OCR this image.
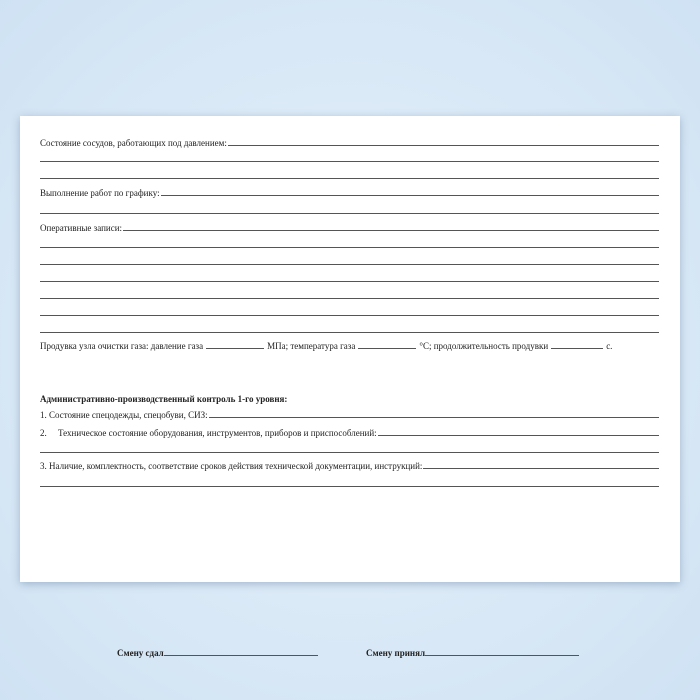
Состояние сосудов, работающих под давлением:
Выполнение работ по графику:
Оперативные записи:
Продувка узла очистки газа: давление газа	МПа; температура газа	°С; продолжительность продувки	с.
Административно-производственный контроль 1-го уровня:
1. Состояние спецодежды, спецобуви, СИЗ:
2.	Техническое состояние оборудования, инструментов, приборов и приспособлений:
3. Наличие, комплектность, соответствие сроков действия технической документации, инструкций:
Смену сдал	Смену принял
